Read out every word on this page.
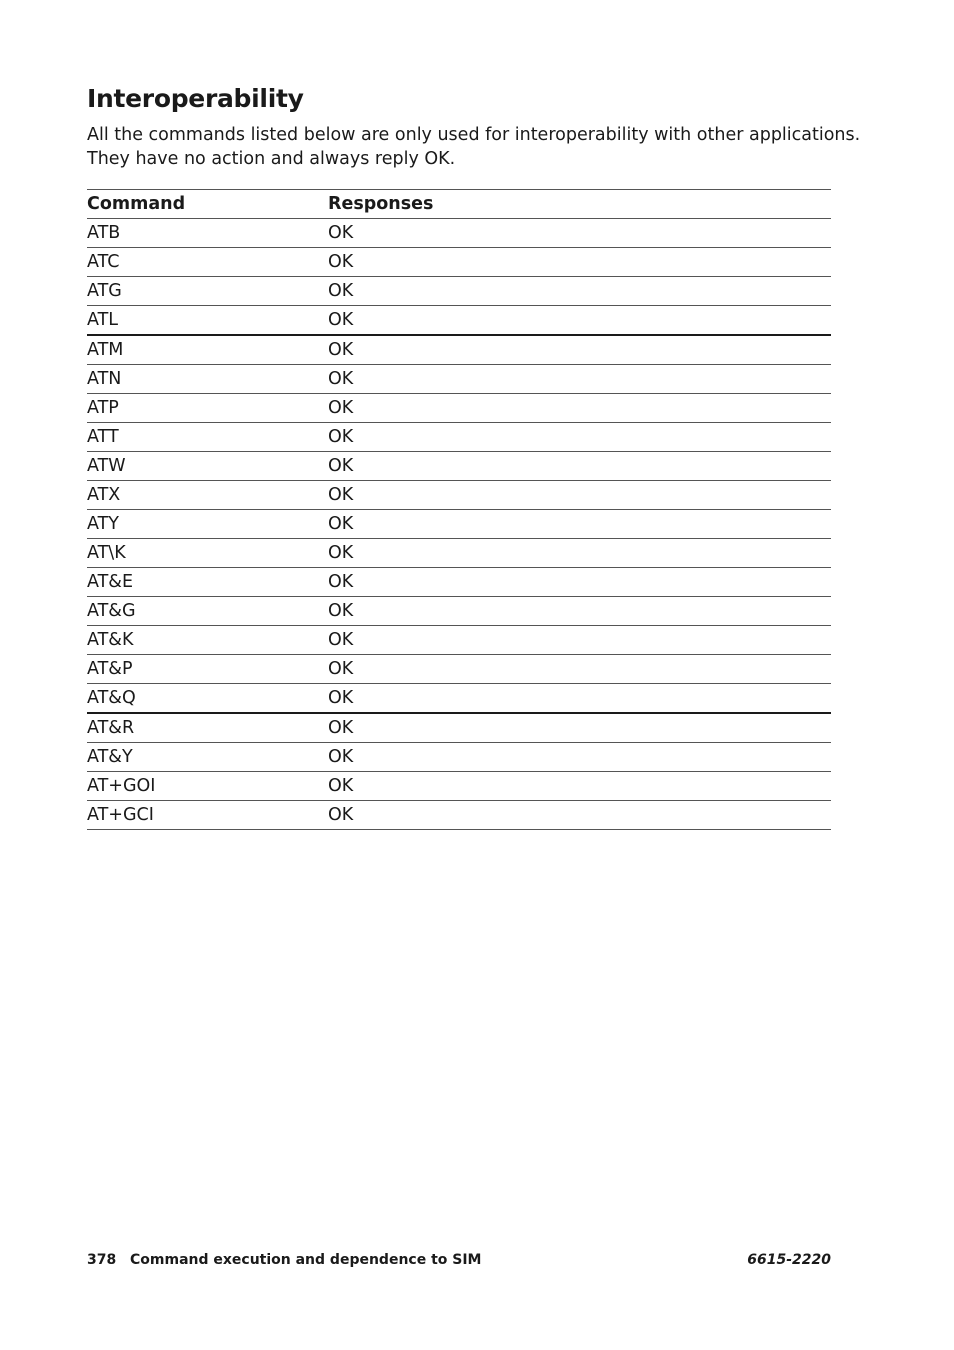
Interoperability

All the commands listed below are only used for interoperability with other applications.
They have no action and always reply OK.

Command	Responses
ATB	OK
ATC	OK
ATG	OK
ATL	OK
ATM	OK
ATN	OK
ATP	OK
ATT	OK
ATW	OK
ATX	OK
ATY	OK
AT\K	OK
AT&E	OK
AT&G	OK
AT&K	OK
AT&P	OK
AT&Q	OK
AT&R	OK
AT&Y	OK
AT+GOI	OK
AT+GCI	OK
378 Command execution and dependence to SIM	6615-2220
